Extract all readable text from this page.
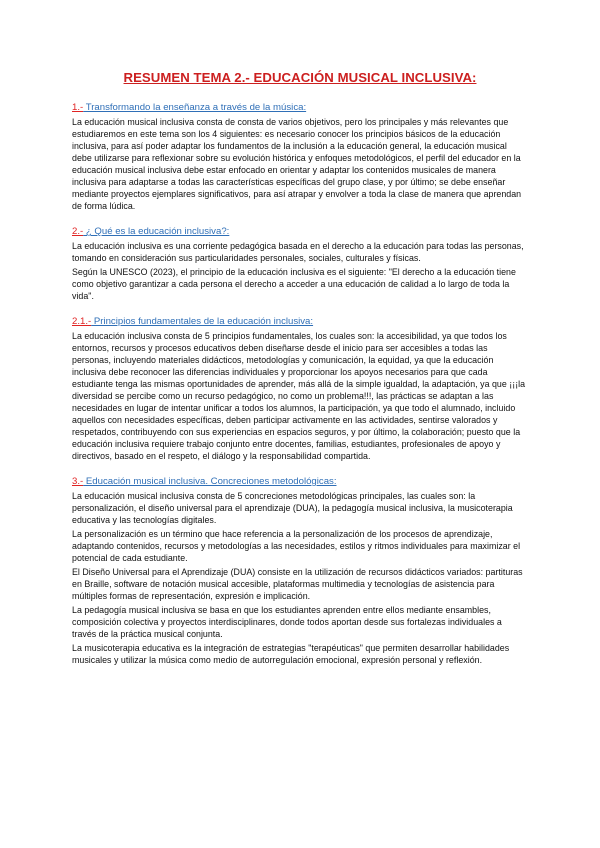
RESUMEN TEMA 2.- EDUCACIÓN MUSICAL INCLUSIVA:
1.- Transformando la enseñanza a través de la música:

La educación musical inclusiva consta de consta de varios objetivos, pero los principales y más relevantes que estudiaremos en este tema son los 4 siguientes: es necesario conocer los principios básicos de la educación inclusiva, para así poder adaptar los fundamentos de la inclusión a la educación general, la educación musical debe utilizarse para reflexionar sobre su evolución histórica y enfoques metodológicos, el perfil del educador en la educación musical inclusiva debe estar enfocado en orientar y adaptar los contenidos musicales de manera inclusiva para adaptarse a todas las características específicas del grupo clase, y por último; se debe enseñar mediante proyectos ejemplares significativos, para así atrapar y envolver a toda la clase de manera que aprendan de forma lúdica.

2.- ¿ Qué es la educación inclusiva?:

La educación inclusiva es una corriente pedagógica basada en el derecho a la educación para todas las personas, tomando en consideración sus particularidades personales, sociales, culturales y físicas.

Según la UNESCO (2023), el principio de la educación inclusiva es el siguiente: "El derecho a la educación tiene como objetivo garantizar a cada persona el derecho a acceder a una educación de calidad a lo largo de toda la vida".

2.1.- Principios fundamentales de la educación inclusiva:

La educación inclusiva consta de 5 principios fundamentales, los cuales son: la accesibilidad, ya que todos los entornos, recursos y procesos educativos deben diseñarse desde el inicio para ser accesibles a todas las personas, incluyendo materiales didácticos, metodologías y comunicación, la equidad, ya que la educación inclusiva debe reconocer las diferencias individuales y proporcionar los apoyos necesarios para que cada estudiante tenga las mismas oportunidades de aprender, más allá de la simple igualdad, la adaptación, ya que ¡¡¡la diversidad se percibe como un recurso pedagógico, no como un problema!!!, las prácticas se adaptan a las necesidades en lugar de intentar unificar a todos los alumnos, la participación, ya que todo el alumnado, incluido aquellos con necesidades específicas, deben participar activamente en las actividades, sentirse valorados y respetados, contribuyendo con sus experiencias en espacios seguros, y por último, la colaboración; puesto que la educación inclusiva requiere trabajo conjunto entre docentes, familias, estudiantes, profesionales de apoyo y directivos, basado en el respeto, el diálogo y la responsabilidad compartida.

3.- Educación musical inclusiva. Concreciones metodológicas:

La educación musical inclusiva consta de 5 concreciones metodológicas principales, las cuales son: la personalización, el diseño universal para el aprendizaje (DUA), la pedagogía musical inclusiva, la musicoterapia educativa y las tecnologías digitales.

La personalización es un término que hace referencia a la personalización de los procesos de aprendizaje, adaptando contenidos, recursos y metodologías a las necesidades, estilos y ritmos individuales para maximizar el potencial de cada estudiante.

El Diseño Universal para el Aprendizaje (DUA) consiste en la utilización de recursos didácticos variados: partituras en Braille, software de notación musical accesible, plataformas multimedia y tecnologías de asistencia para múltiples formas de representación, expresión e implicación.

La pedagogía musical inclusiva se basa en que los estudiantes aprenden entre ellos mediante ensambles, composición colectiva y proyectos interdisciplinares, donde todos aportan desde sus fortalezas individuales a través de la práctica musical conjunta.

La musicoterapia educativa es la integración de estrategias "terapéuticas" que permiten desarrollar habilidades musicales y utilizar la música como medio de autorregulación emocional, expresión personal y reflexión.
